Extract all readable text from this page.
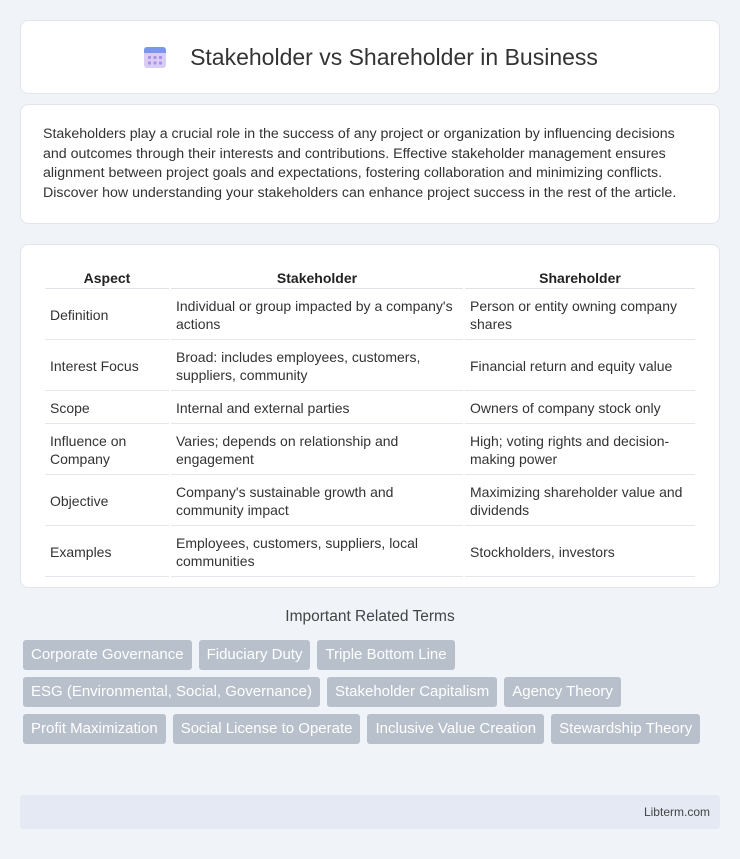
Stakeholder vs Shareholder in Business

Stakeholders play a crucial role in the success of any project or organization by influencing decisions and outcomes through their interests and contributions. Effective stakeholder management ensures alignment between project goals and expectations, fostering collaboration and minimizing conflicts. Discover how understanding your stakeholders can enhance project success in the rest of the article.

Aspect	Stakeholder	Shareholder
Definition	Individual or group impacted by a company's actions	Person or entity owning company shares
Interest Focus	Broad: includes employees, customers, suppliers, community	Financial return and equity value
Scope	Internal and external parties	Owners of company stock only
Influence on Company	Varies; depends on relationship and engagement	High; voting rights and decision-making power
Objective	Company's sustainable growth and community impact	Maximizing shareholder value and dividends
Examples	Employees, customers, suppliers, local communities	Stockholders, investors
Important Related Terms
Corporate Governance	Fiduciary Duty	Triple Bottom Line
ESG (Environmental, Social, Governance)	Stakeholder Capitalism	Agency Theory
Profit Maximization	Social License to Operate	Inclusive Value Creation	Stewardship Theory
Libterm.com
